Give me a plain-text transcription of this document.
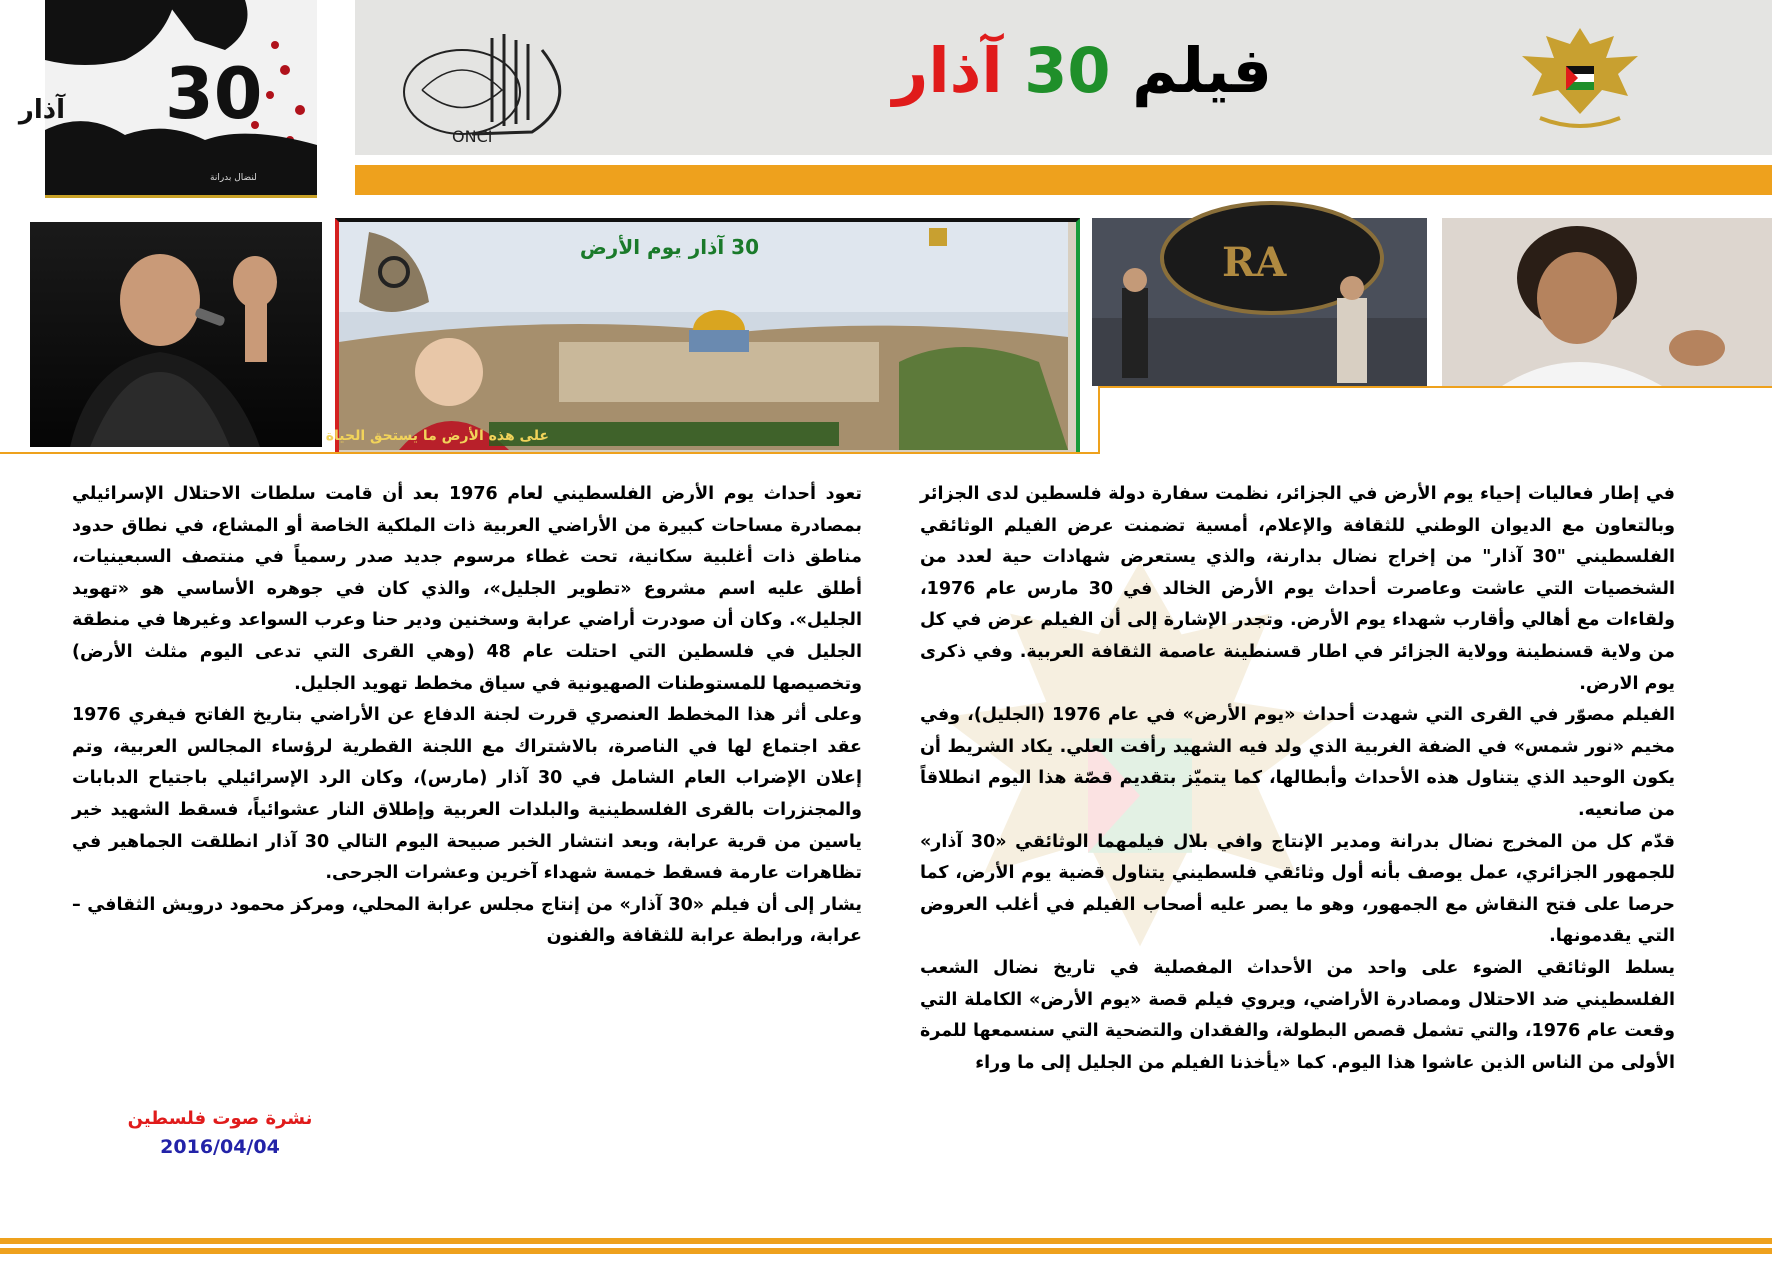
فيلم 30 آذار
ONCI
30
آذار
لنضال بدرانة
30 آذار يوم الأرض
على هذه الأرض ما يستحق الحياة
RA

في إطار فعاليات إحياء يوم الأرض في الجزائر، نظمت سفارة دولة فلسطين لدى الجزائر وبالتعاون مع الديوان الوطني للثقافة والإعلام، أمسية تضمنت عرض الفيلم الوثائقي الفلسطيني "30 آذار" من إخراج نضال بدارنة، والذي يستعرض شهادات حية لعدد من الشخصيات التي عاشت وعاصرت أحداث يوم الأرض الخالد في 30 مارس عام 1976، ولقاءات مع أهالي وأقارب شهداء يوم الأرض. وتجدر الإشارة إلى أن الفيلم عرض في كل من ولاية قسنطينة وولاية الجزائر في اطار قسنطينة عاصمة الثقافة العربية. وفي ذكرى يوم الارض.

الفيلم مصوّر في القرى التي شهدت أحداث «يوم الأرض» في عام 1976 (الجليل)، وفي مخيم «نور شمس» في الضفة الغربية الذي ولد فيه الشهيد رأفت العلي. يكاد الشريط أن يكون الوحيد الذي يتناول هذه الأحداث وأبطالها، كما يتميّز بتقديم قصّة هذا اليوم انطلاقاً من صانعيه.

قدّم كل من المخرج نضال بدرانة ومدير الإنتاج وافي بلال فيلمهما الوثائقي «30 آذار» للجمهور الجزائري، عمل يوصف بأنه أول وثائقي فلسطيني يتناول قضية يوم الأرض، كما حرصا على فتح النقاش مع الجمهور، وهو ما يصر عليه أصحاب الفيلم في أغلب العروض التي يقدمونها.

يسلط الوثائقي الضوء على واحد من الأحداث المفصلية في تاريخ نضال الشعب الفلسطيني ضد الاحتلال ومصادرة الأراضي، ويروي فيلم قصة «يوم الأرض» الكاملة التي وقعت عام 1976، والتي تشمل قصص البطولة، والفقدان والتضحية التي سنسمعها للمرة الأولى من الناس الذين عاشوا هذا اليوم. كما «يأخذنا الفيلم من الجليل إلى ما وراء

تعود أحداث يوم الأرض الفلسطيني لعام 1976 بعد أن قامت سلطات الاحتلال الإسرائيلي بمصادرة مساحات كبيرة من الأراضي العربية ذات الملكية الخاصة أو المشاع، في نطاق حدود مناطق ذات أغلبية سكانية، تحت غطاء مرسوم جديد صدر رسمياً في منتصف السبعينيات، أطلق عليه اسم مشروع «تطوير الجليل»، والذي كان في جوهره الأساسي هو «تهويد الجليل». وكان أن صودرت أراضي عرابة وسخنين ودير حنا وعرب السواعد وغيرها في منطقة الجليل في فلسطين التي احتلت عام 48 (وهي القرى التي تدعى اليوم مثلث الأرض) وتخصيصها للمستوطنات الصهيونية في سياق مخطط تهويد الجليل.

وعلى أثر هذا المخطط العنصري قررت لجنة الدفاع عن الأراضي بتاريخ الفاتح فيفري 1976 عقد اجتماع لها في الناصرة، بالاشتراك مع اللجنة القطرية لرؤساء المجالس العربية، وتم إعلان الإضراب العام الشامل في 30 آذار (مارس)، وكان الرد الإسرائيلي باجتياح الدبابات والمجنزرات بالقرى الفلسطينية والبلدات العربية وإطلاق النار عشوائياً، فسقط الشهيد خير ياسين من قرية عرابة، وبعد انتشار الخبر صبيحة اليوم التالي 30 آذار انطلقت الجماهير في تظاهرات عارمة فسقط خمسة شهداء آخرين وعشرات الجرحى.

يشار إلى أن فيلم «30 آذار» من إنتاج مجلس عرابة المحلي، ومركز محمود درويش الثقافي – عرابة، ورابطة عرابة للثقافة والفنون

نشرة صوت فلسطين
2016/04/04
